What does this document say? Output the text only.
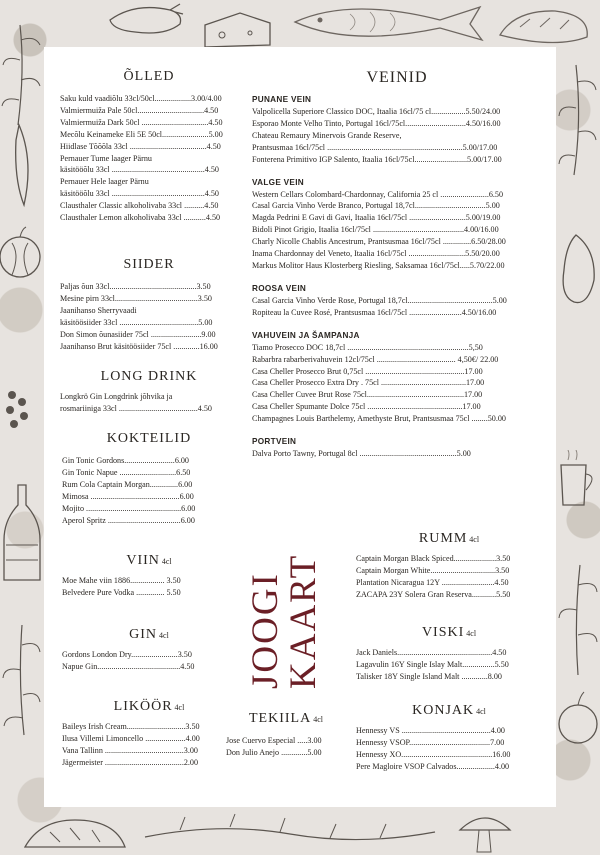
ÕLLED
Saku kuld vaadiõlu 33cl/50cl..................3.00/4.00
Valmiermuiža Pale 50cl.................................4.50
Valmiermuiža Dark 50cl .................................4.50
Mecõlu Keinameke Eli 5E 50cl.......................5.00
Hiidlase Tõõõla 33cl ......................................4.50
Pernauer Tume laager Pärnu
käsitööõlu 33cl ..............................................4.50
Pernauer Hele laager Pärnu
käsitööõlu 33cl ..............................................4.50
Clausthaler Classic alkoholivaba 33cl ..........4.50
Clausthaler Lemon alkoholivaba 33cl ...........4.50
SIIDER
Paljas õun 33cl...........................................3.50
Mesine pirn 33cl.........................................3.50
Jaanihanso Sherryvaadi
käsitöösiider 33cl .......................................5.00
Don Simon õunasiider 75cl .........................9.00
Jaanihanso Brut käsitöösiider 75cl .............16.00
LONG DRINK
Longkrö Gin Longdrink jõhvika ja
rosmariiniga 33cl .......................................4.50
KOKTEILID
Gin Tonic Gordons.........................6.00
Gin Tonic Napue ............................6.50
Rum Cola Captain Morgan..............6.00
Mimosa ............................................6.00
Mojito ...............................................6.00
Aperol Spritz ....................................6.00
VIIN 4cl
Moe Mahe viin 1886................. 3.50
Belvedere Pure Vodka .............. 5.50
GIN 4cl
Gordons London Dry.......................3.50
Napue Gin.........................................4.50
LIKÖÖR 4cl
Baileys Irish Cream.............................3.50
Ilusa Villemi Limoncello ....................4.00
Vana Tallinn .......................................3.00
Jägermeister .......................................2.00
JOOGI
KAART
TEKIILA 4cl
Jose Cuervo Especial .....3.00
Don Julio Anejo .............5.00
VEINID
PUNANE VEIN
Valpolicella Superiore Classico DOC, Itaalia 16cl/75 cl.................5.50/24.00
Esporao Monte Velho Tinto, Portugal 16cl/75cl..............................4.50/16.00
Chateau Remaury Minervois Grande Reserve,
Prantsusmaa 16cl/75cl ...................................................................5.00/17.00
Fonterena Primitivo IGP Salento, Itaalia 16cl/75cl..........................5.00/17.00
VALGE VEIN
Western Cellars Colombard-Chardonnay, California 25 cl ........................6.50
Casal Garcia Vinho Verde Branco, Portugal 18,7cl...................................5.00
Magda Pedrini E Gavi di Gavi, Itaalia 16cl/75cl ............................5.00/19.00
Bidoli Pinot Grigio, Itaalia 16cl/75cl .............................................4.00/16.00
Charly Nicolle Chablis Ancestrum, Prantsusmaa 16cl/75cl ..............6.50/28.00
Inama Chardonnay del Veneto, Itaalia 16cl/75cl ............................5.50/20.00
Markus Molitor Haus Klosterberg Riesling, Saksamaa 16cl/75cl.....5.70/22.00
ROOSA VEIN
Casal Garcia Vinho Verde Rose, Portugal 18,7cl..........................................5.00
Ropiteau la Cuvee Rosé, Prantsusmaa 16cl/75cl ..........................4.50/16.00
VAHUVEIN JA ŠAMPANJA
Tiamo Prosecco DOC 18,7cl ............................................................5,50
Rabarbra rabarberivahuvein 12cl/75cl ....................................... 4,50€/ 22.00
Casa Cheller Prosecco Brut 0,75cl .................................................17.00
Casa Cheller Prosecco Extra Dry . 75cl ..........................................17.00
Casa Cheller Cuvee Brut Rose 75cl................................................17.00
Casa Cheller Spumante Dolce 75cl ...............................................17.00
Champagnes Louis Barthelemy, Amethyste Brut, Prantsusmaa 75cl ........50.00
PORTVEIN
Dalva Porto Tawny, Portugal 8cl ................................................5.00
RUMM 4cl
Captain Morgan Black Spiced.....................3.50
Captain Morgan White................................3.50
Plantation Nicaragua 12Y ..........................4.50
ZACAPA 23Y Solera Gran Reserva............5.50
VISKI 4cl
Jack Daniels...............................................4.50
Lagavulin 16Y Single Islay Malt................5.50
Talisker 18Y Single Island Malt .............8.00
KONJAK 4cl
Hennessy VS ............................................4.00
Hennessy VSOP........................................7.00
Hennessy XO.............................................16.00
Pere Magloire VSOP Calvados...................4.00
